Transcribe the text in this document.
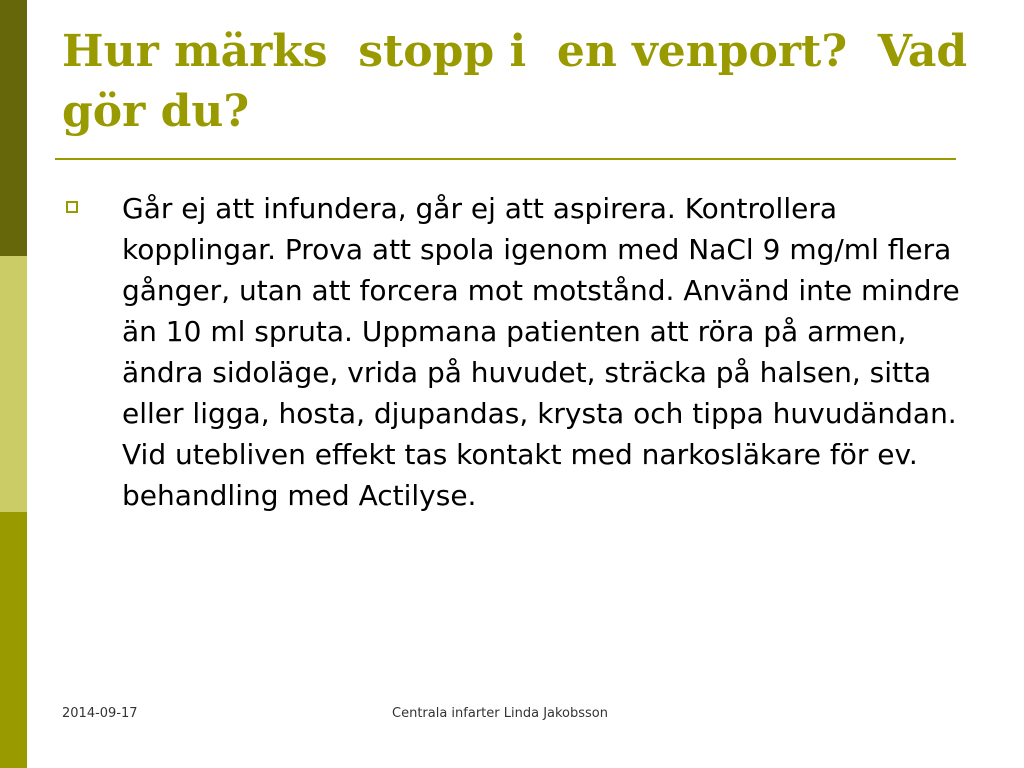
Hur märks  stopp i  en venport?  Vad gör du?

Går ej att infundera, går ej att aspirera. Kontrollera kopplingar. Prova att spola igenom med NaCl 9 mg/ml flera gånger, utan att forcera mot motstånd. Använd inte mindre än 10 ml spruta. Uppmana patienten att röra på armen, ändra sidoläge, vrida på huvudet, sträcka på halsen, sitta eller ligga, hosta, djupandas, krysta och tippa huvudändan. Vid utebliven effekt tas kontakt med narkosläkare för ev. behandling med Actilyse.

2014-09-17	Centrala infarter Linda Jakobsson
